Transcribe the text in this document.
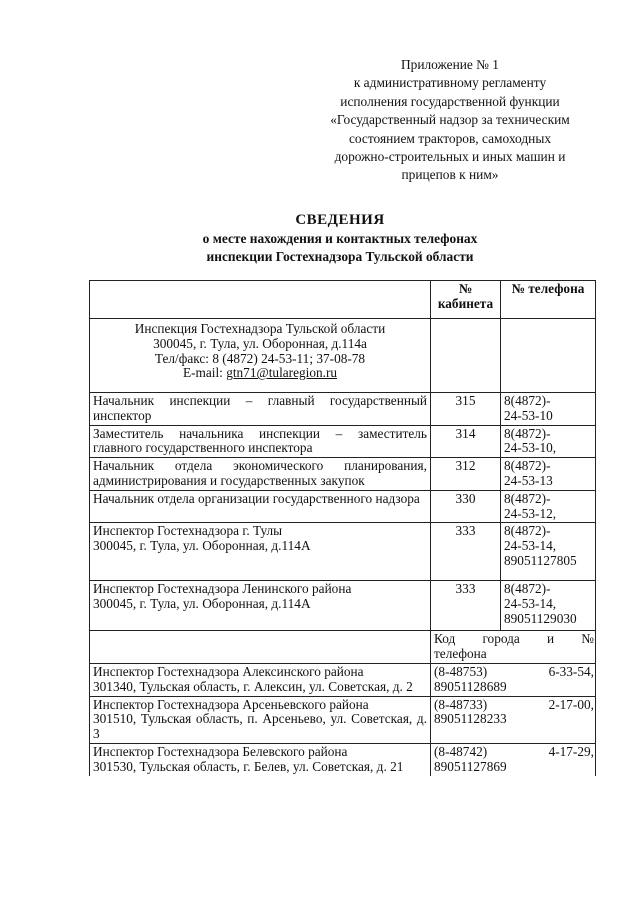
Приложение № 1
к административному регламенту
исполнения государственной функции
«Государственный надзор за техническим
состоянием тракторов, самоходных
дорожно-строительных и иных машин и
прицепов к ним»
СВЕДЕНИЯ
о месте нахождения и контактных телефонах
инспекции Гостехнадзора Тульской области

	№
кабинета	№ телефона

Инспекция Гостехнадзора Тульской области
300045, г. Тула, ул. Оборонная, д.114а
Тел/факс: 8 (4872) 24-53-11; 37-08-78
E-mail: gtn71@tularegion.ru		

Начальник инспекции – главный государственный инспектор	315	8(4872)-
24-53-10

Заместитель начальника инспекции – заместитель главного государственного инспектора	314	8(4872)-
24-53-10,

Начальник отдела экономического планирования, администрирования и государственных закупок	312	8(4872)-
24-53-13

Начальник отдела организации государственного надзора	330	8(4872)-
24-53-12,

Инспектор Гостехнадзора г. Тулы
300045, г. Тула, ул. Оборонная, д.114А	333	8(4872)-
24-53-14,
89051127805

Инспектор Гостехнадзора Ленинского района
300045, г. Тула, ул. Оборонная, д.114А	333	8(4872)-
24-53-14,
89051129030

	Код города и №
телефона	

Инспектор Гостехнадзора Алексинского района
301340, Тульская область, г. Алексин, ул. Советская, д. 2	(8-48753) 6-33-54,
89051128689	

Инспектор Гостехнадзора Арсеньевского района
301510, Тульская область, п. Арсеньево, ул. Советская, д. 3	(8-48733) 2-17-00,
89051128233	

Инспектор Гостехнадзора Белевского района
301530, Тульская область, г. Белев, ул. Советская, д. 21	(8-48742) 4-17-29,
89051127869	
